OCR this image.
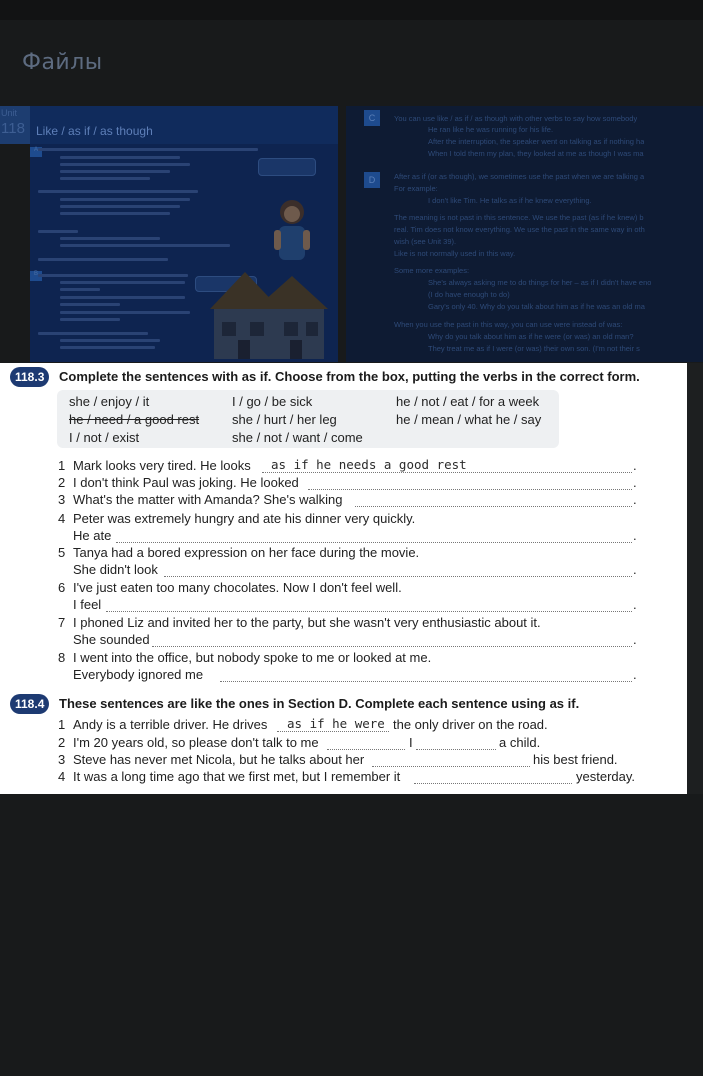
Файлы
Unit
118 Like / as if / as though
A
B
C
D
You can use like / as if / as though with other verbs to say how somebody
He ran like he was running for his life.
After the interruption, the speaker went on talking as if nothing ha
When I told them my plan, they looked at me as though I was ma
After as if (or as though), we sometimes use the past when we are talking a
For example:
I don't like Tim. He talks as if he knew everything.
The meaning is not past in this sentence. We use the past (as if he knew) b
real. Tim does not know everything. We use the past in the same way in oth
wish (see Unit 39).
Like is not normally used in this way.
Some more examples:
She's always asking me to do things for her – as if I didn't have eno
(I do have enough to do)
Gary's only 40. Why do you talk about him as if he was an old ma
When you use the past in this way, you can use were instead of was:
Why do you talk about him as if he were (or was) an old man?
They treat me as if I were (or was) their own son. (I'm not their s
118.3	Complete the sentences with as if. Choose from the box, putting the verbs in the correct form.
she / enjoy / it	I / go / be sick	he / not / eat / for a week
he / need / a good rest	she / hurt / her leg	he / mean / what he / say
I / not / exist	she / not / want / come
1 Mark looks very tired. He looks as if he needs a good rest	.
2 I don't think Paul was joking. He looked	.
3 What's the matter with Amanda? She's walking	.
4 Peter was extremely hungry and ate his dinner very quickly.
He ate	.
5 Tanya had a bored expression on her face during the movie.
She didn't look	.
6 I've just eaten too many chocolates. Now I don't feel well.
I feel	.
7 I phoned Liz and invited her to the party, but she wasn't very enthusiastic about it.
She sounded	.
8 I went into the office, but nobody spoke to me or looked at me.
Everybody ignored me	.
118.4	These sentences are like the ones in Section D. Complete each sentence using as if.
1 Andy is a terrible driver. He drives as if he were the only driver on the road.
2 I'm 20 years old, so please don't talk to me	I	a child.
3 Steve has never met Nicola, but he talks about her	his best friend.
4 It was a long time ago that we first met, but I remember it	yesterday.
